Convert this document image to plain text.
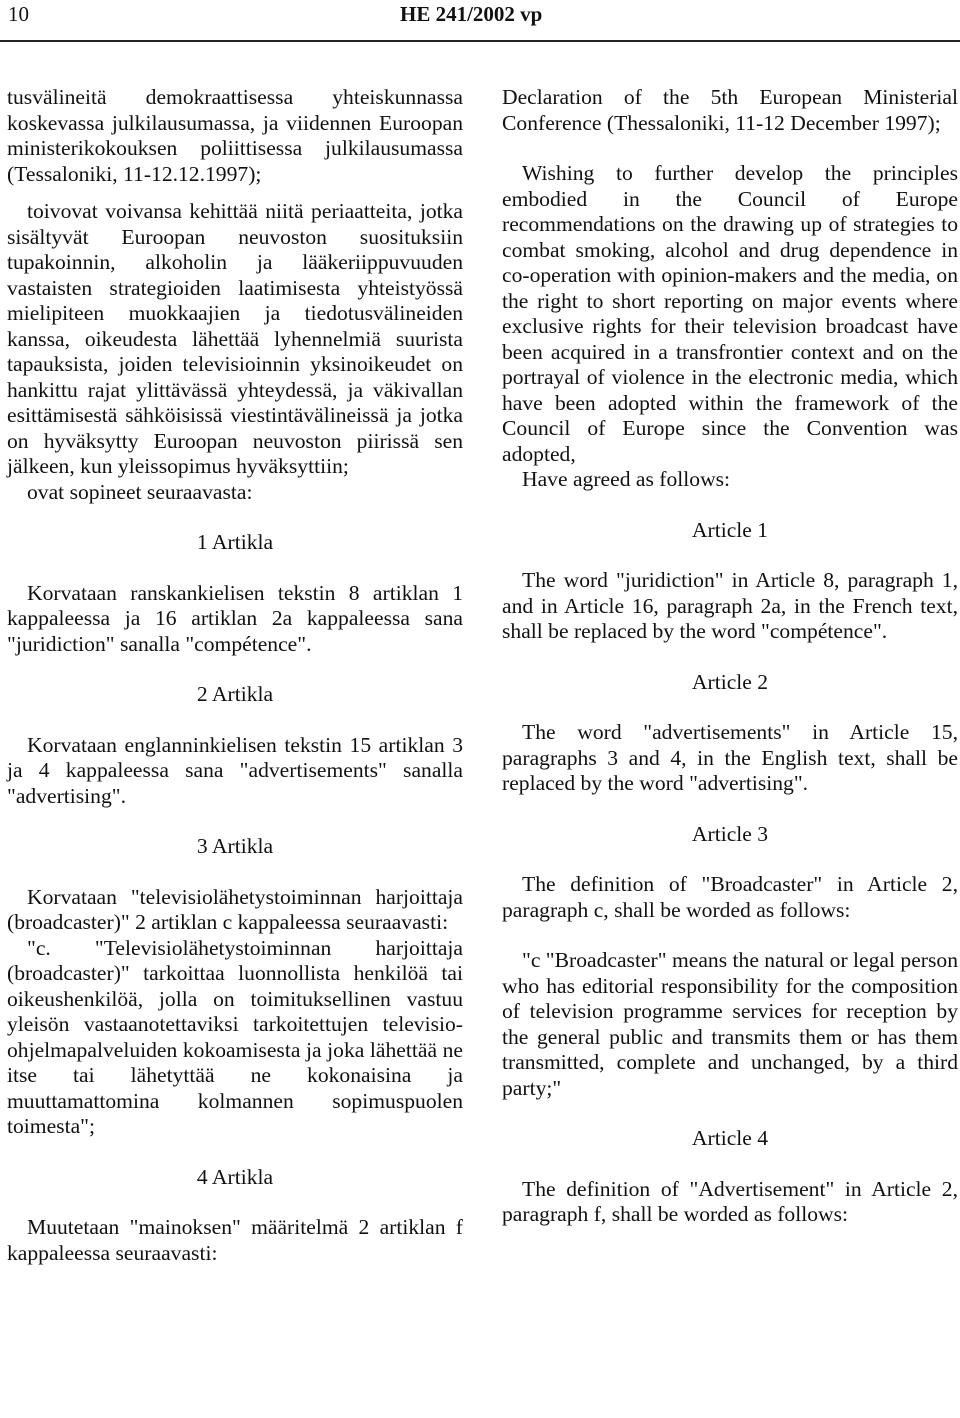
10	HE 241/2002 vp

tusvälineitä demokraattisessa yhteiskunnassa koskevassa julkilausumassa, ja viidennen Euroopan ministerikokouksen poliittisessa julkilausumassa (Tessaloniki, 11-12.12.1997);

toivovat voivansa kehittää niitä periaatteita, jotka sisältyvät Euroopan neuvoston suosituksiin tupakoinnin, alkoholin ja lääkeriippuvuuden vastaisten strategioiden laatimisesta yhteistyössä mielipiteen muokkaajien ja tiedotusvälineiden kanssa, oikeudesta lähettää lyhennelmiä suurista tapauksista, joiden televisioinnin yksinoikeudet on hankittu rajat ylittävässä yhteydessä, ja väkivallan esittämisestä sähköisissä viestintävälineissä ja jotka on hyväksytty Euroopan neuvoston piirissä sen jälkeen, kun yleissopimus hyväksyttiin;

ovat sopineet seuraavasta:

1 Artikla

Korvataan ranskankielisen tekstin 8 artiklan 1 kappaleessa ja 16 artiklan 2a kappaleessa sana "juridiction" sanalla "compétence".

2 Artikla

Korvataan englanninkielisen tekstin 15 artiklan 3 ja 4 kappaleessa sana "advertisements" sanalla "advertising".

3 Artikla

Korvataan "televisiolähetystoiminnan harjoittaja (broadcaster)" 2 artiklan c kappaleessa seuraavasti:

"c. "Televisiolähetystoiminnan harjoittaja (broadcaster)" tarkoittaa luonnollista henkilöä tai oikeushenkilöä, jolla on toimituksellinen vastuu yleisön vastaanotettaviksi tarkoitettujen televisio-ohjelmapalveluiden kokoamisesta ja joka lähettää ne itse tai lähetyttää ne kokonaisina ja muuttamattomina kolmannen sopimuspuolen toimesta";

4 Artikla

Muutetaan "mainoksen" määritelmä 2 artiklan f kappaleessa seuraavasti:

Declaration of the 5th European Ministerial Conference (Thessaloniki, 11-12 December 1997);

Wishing to further develop the principles embodied in the Council of Europe recommendations on the drawing up of strategies to combat smoking, alcohol and drug dependence in co-operation with opinion-makers and the media, on the right to short reporting on major events where exclusive rights for their television broadcast have been acquired in a transfrontier context and on the portrayal of violence in the electronic media, which have been adopted within the framework of the Council of Europe since the Convention was adopted,

Have agreed as follows:

Article 1

The word "juridiction" in Article 8, paragraph 1, and in Article 16, paragraph 2a, in the French text, shall be replaced by the word "compétence".

Article 2

The word "advertisements" in Article 15, paragraphs 3 and 4, in the English text, shall be replaced by the word "advertising".

Article 3

The definition of "Broadcaster" in Article 2, paragraph c, shall be worded as follows:

"c "Broadcaster" means the natural or legal person who has editorial responsibility for the composition of television programme services for reception by the general public and transmits them or has them transmitted, complete and unchanged, by a third party;"

Article 4

The definition of "Advertisement" in Article 2, paragraph f, shall be worded as follows:
